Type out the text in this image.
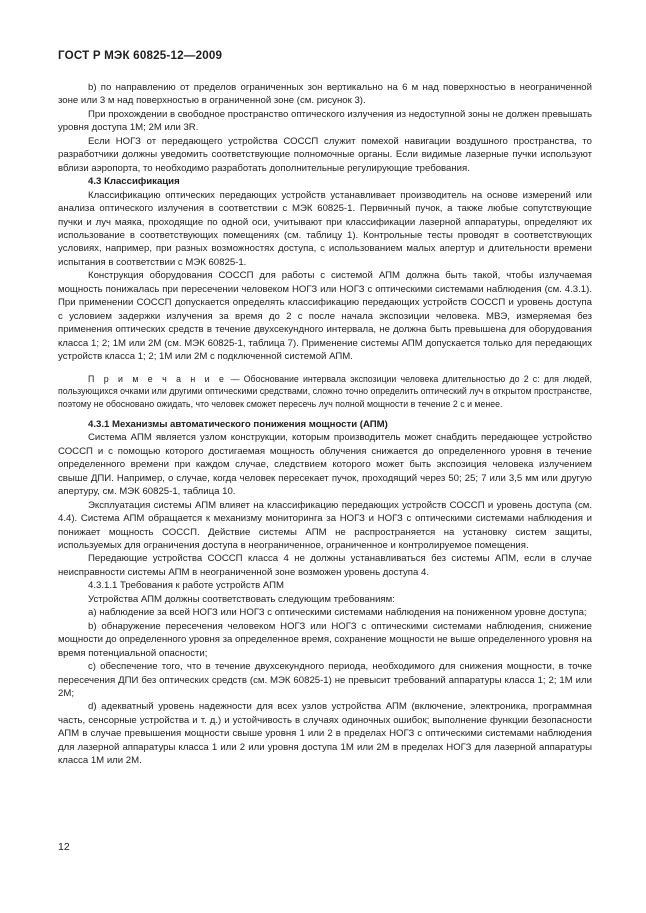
ГОСТ Р МЭК 60825-12—2009

b) по направлению от пределов ограниченных зон вертикально на 6 м над поверхностью в неограниченной зоне или 3 м над поверхностью в ограниченной зоне (см. рисунок 3).

При прохождении в свободное пространство оптического излучения из недоступной зоны не должен превышать уровня доступа 1М; 2М или 3R.

Если НОГЗ от передающего устройства СОССП служит помехой навигации воздушного пространства, то разработчики должны уведомить соответствующие полномочные органы. Если видимые лазерные пучки используют вблизи аэропорта, то необходимо разработать дополнительные регулирующие требования.

4.3 Классификация

Классификацию оптических передающих устройств устанавливает производитель на основе измерений или анализа оптического излучения в соответствии с МЭК 60825-1. Первичный пучок, а также любые сопутствующие пучки и луч маяка, проходящие по одной оси, учитывают при классификации лазерной аппаратуры, определяют их использование в соответствующих помещениях (см. таблицу 1). Контрольные тесты проводят в соответствующих условиях, например, при разных возможностях доступа, с использованием малых апертур и длительности времени испытания в соответствии с МЭК 60825-1.

Конструкция оборудования СОССП для работы с системой АПМ должна быть такой, чтобы излучаемая мощность понижалась при пересечении человеком НОГЗ или НОГЗ с оптическими системами наблюдения (см. 4.3.1). При применении СОССП допускается определять классификацию передающих устройств СОССП и уровень доступа с условием задержки излучения за время до 2 с после начала экспозиции человека. МВЭ, измеряемая без применения оптических средств в течение двухсекундного интервала, не должна быть превышена для оборудования класса 1; 2; 1М или 2М (см. МЭК 60825-1, таблица 7). Применение системы АПМ допускается только для передающих устройств класса 1; 2; 1М или 2М с подключенной системой АПМ.

П р и м е ч а н и е — Обоснование интервала экспозиции человека длительностью до 2 с: для людей, пользующихся очками или другими оптическими средствами, сложно точно определить оптический луч в открытом пространстве, поэтому не обосновано ожидать, что человек сможет пересечь луч полной мощности в течение 2 с и менее.

4.3.1 Механизмы автоматического понижения мощности (АПМ)

Система АПМ является узлом конструкции, которым производитель может снабдить передающее устройство СОССП и с помощью которого достигаемая мощность облучения снижается до определенного уровня в течение определенного времени при каждом случае, следствием которого может быть экспозиция человека излучением свыше ДПИ. Например, о случае, когда человек пересекает пучок, проходящий через 50; 25; 7 или 3,5 мм или другую апертуру, см. МЭК 60825-1, таблица 10.

Эксплуатация системы АПМ влияет на классификацию передающих устройств СОССП и уровень доступа (см. 4.4). Система АПМ обращается к механизму мониторинга за НОГЗ и НОГЗ с оптическими системами наблюдения и понижает мощность СОССП. Действие системы АПМ не распространяется на установку систем защиты, используемых для ограничения доступа в неограниченное, ограниченное и контролируемое помещения.

Передающие устройства СОССП класса 4 не должны устанавливаться без системы АПМ, если в случае неисправности системы АПМ в неограниченной зоне возможен уровень доступа 4.

4.3.1.1 Требования к работе устройств АПМ

Устройства АПМ должны соответствовать следующим требованиям:

а) наблюдение за всей НОГЗ или НОГЗ с оптическими системами наблюдения на пониженном уровне доступа;

b) обнаружение пересечения человеком НОГЗ или НОГЗ с оптическими системами наблюдения, снижение мощности до определенного уровня за определенное время, сохранение мощности не выше определенного уровня на время потенциальной опасности;

с) обеспечение того, что в течение двухсекундного периода, необходимого для снижения мощности, в точке пересечения ДПИ без оптических средств (см. МЭК 60825-1) не превысит требований аппаратуры класса 1; 2; 1М или 2М;

d) адекватный уровень надежности для всех узлов устройства АПМ (включение, электроника, программная часть, сенсорные устройства и т. д.) и устойчивость в случаях одиночных ошибок; выполнение функции безопасности АПМ в случае превышения мощности свыше уровня 1 или 2 в пределах НОГЗ с оптическими системами наблюдения для лазерной аппаратуры класса 1 или 2 или уровня доступа 1М или 2М в пределах НОГЗ для лазерной аппаратуры класса 1М или 2М.

12
